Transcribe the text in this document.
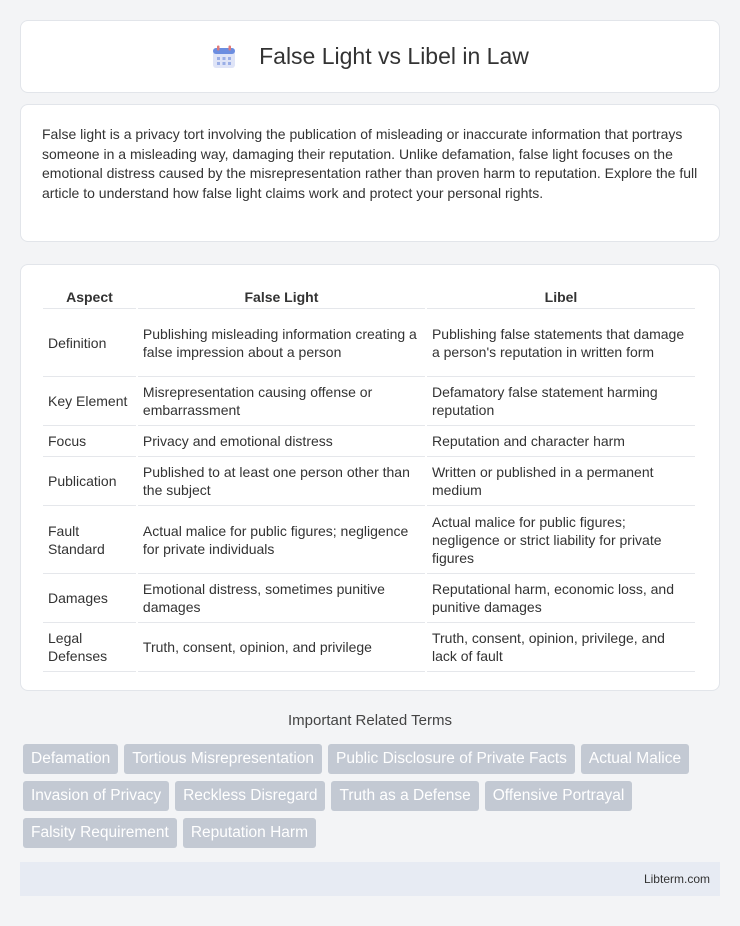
False Light vs Libel in Law

False light is a privacy tort involving the publication of misleading or inaccurate information that portrays someone in a misleading way, damaging their reputation. Unlike defamation, false light focuses on the emotional distress caused by the misrepresentation rather than proven harm to reputation. Explore the full article to understand how false light claims work and protect your personal rights.

Aspect	False Light	Libel
Definition	Publishing misleading information creating a false impression about a person	Publishing false statements that damage a person's reputation in written form
Key Element	Misrepresentation causing offense or embarrassment	Defamatory false statement harming reputation
Focus	Privacy and emotional distress	Reputation and character harm
Publication	Published to at least one person other than the subject	Written or published in a permanent medium
Fault Standard	Actual malice for public figures; negligence for private individuals	Actual malice for public figures; negligence or strict liability for private figures
Damages	Emotional distress, sometimes punitive damages	Reputational harm, economic loss, and punitive damages
Legal Defenses	Truth, consent, opinion, and privilege	Truth, consent, opinion, privilege, and lack of fault
Important Related Terms
Defamation	Tortious Misrepresentation	Public Disclosure of Private Facts	Actual Malice
Invasion of Privacy	Reckless Disregard	Truth as a Defense	Offensive Portrayal
Falsity Requirement	Reputation Harm
Libterm.com
